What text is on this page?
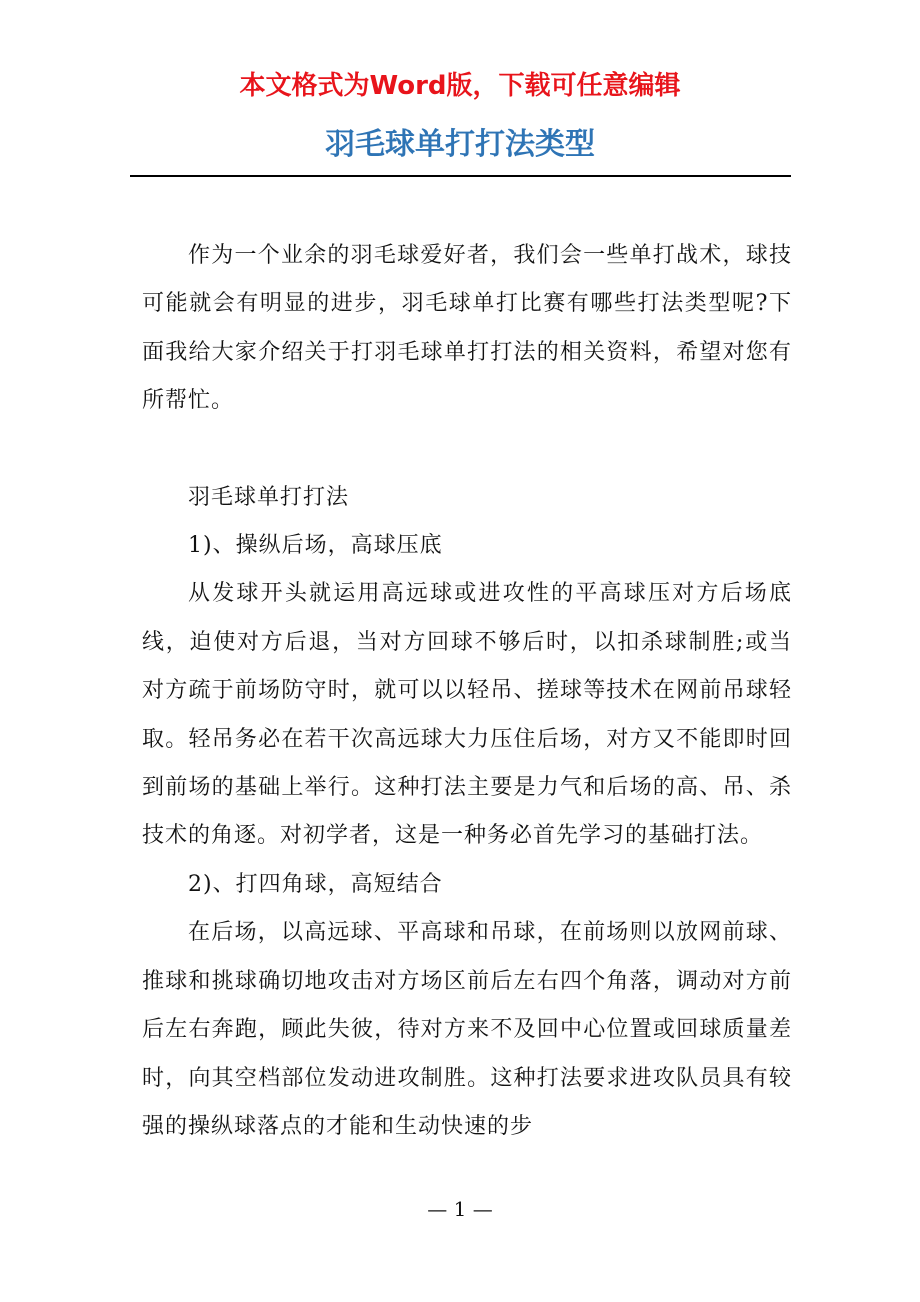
本文格式为Word版，下载可任意编辑
羽毛球单打打法类型

作为一个业余的羽毛球爱好者，我们会一些单打战术，球技可能就会有明显的进步，羽毛球单打比赛有哪些打法类型呢?下面我给大家介绍关于打羽毛球单打打法的相关资料，希望对您有所帮忙。

羽毛球单打打法

1)、操纵后场，高球压底

从发球开头就运用高远球或进攻性的平高球压对方后场底线，迫使对方后退，当对方回球不够后时，以扣杀球制胜;或当对方疏于前场防守时，就可以以轻吊、搓球等技术在网前吊球轻取。轻吊务必在若干次高远球大力压住后场，对方又不能即时回到前场的基础上举行。这种打法主要是力气和后场的高、吊、杀技术的角逐。对初学者，这是一种务必首先学习的基础打法。

2)、打四角球，高短结合

在后场，以高远球、平高球和吊球，在前场则以放网前球、推球和挑球确切地攻击对方场区前后左右四个角落，调动对方前后左右奔跑，顾此失彼，待对方来不及回中心位置或回球质量差时，向其空档部位发动进攻制胜。这种打法要求进攻队员具有较强的操纵球落点的才能和生动快速的步

— 1 —
